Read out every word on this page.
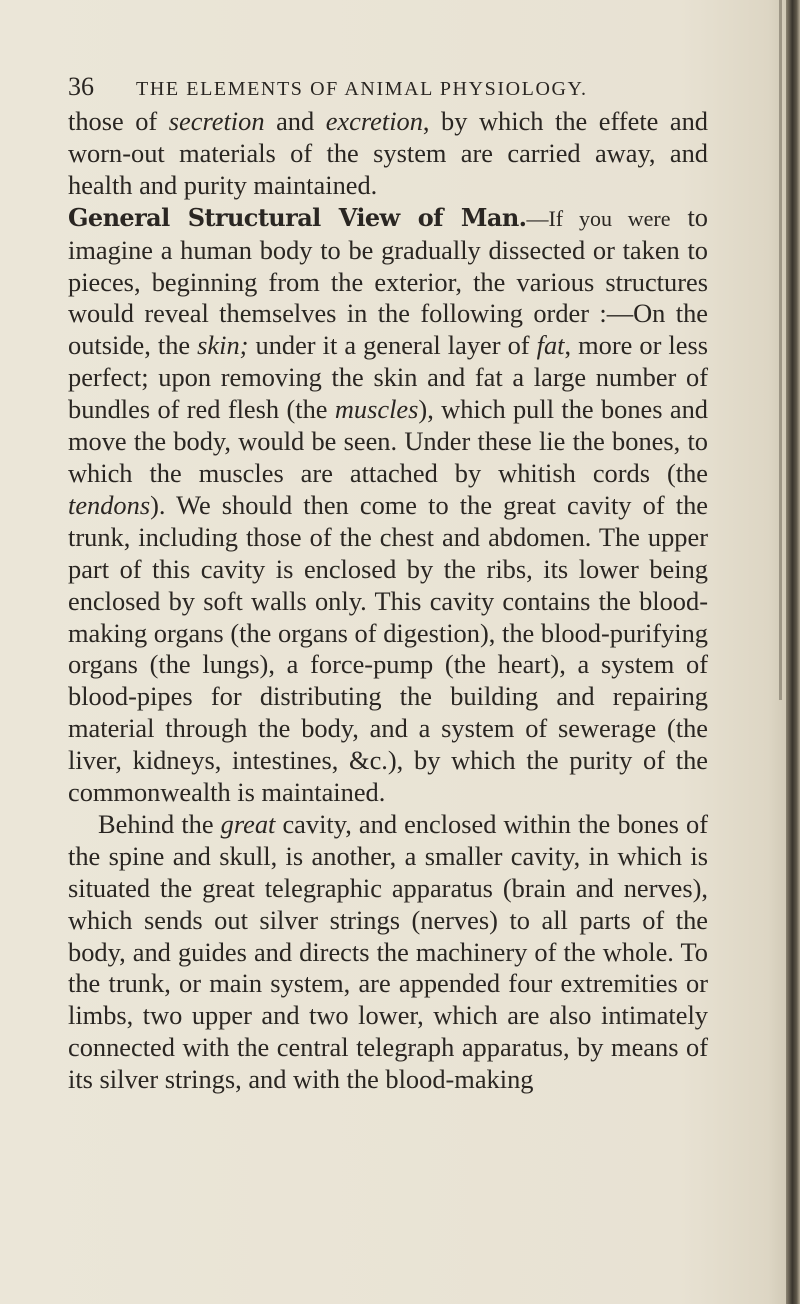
36	THE ELEMENTS OF ANIMAL PHYSIOLOGY.

those of secretion and excretion, by which the effete and worn-out materials of the system are carried away, and health and purity maintained.

General Structural View of Man.—If you were to imagine a human body to be gradually dissected or taken to pieces, beginning from the exterior, the various structures would reveal themselves in the following order :—On the outside, the skin; under it a general layer of fat, more or less perfect; upon removing the skin and fat a large number of bundles of red flesh (the muscles), which pull the bones and move the body, would be seen. Under these lie the bones, to which the muscles are attached by whitish cords (the tendons). We should then come to the great cavity of the trunk, including those of the chest and abdomen. The upper part of this cavity is enclosed by the ribs, its lower being enclosed by soft walls only. This cavity contains the blood-making organs (the organs of digestion), the blood-purifying organs (the lungs), a force-pump (the heart), a system of blood-pipes for distributing the building and repairing material through the body, and a system of sewerage (the liver, kidneys, intestines, &c.), by which the purity of the commonwealth is maintained.

Behind the great cavity, and enclosed within the bones of the spine and skull, is another, a smaller cavity, in which is situated the great telegraphic apparatus (brain and nerves), which sends out silver strings (nerves) to all parts of the body, and guides and directs the machinery of the whole. To the trunk, or main system, are appended four extremities or limbs, two upper and two lower, which are also intimately connected with the central telegraph apparatus, by means of its silver strings, and with the blood-making
